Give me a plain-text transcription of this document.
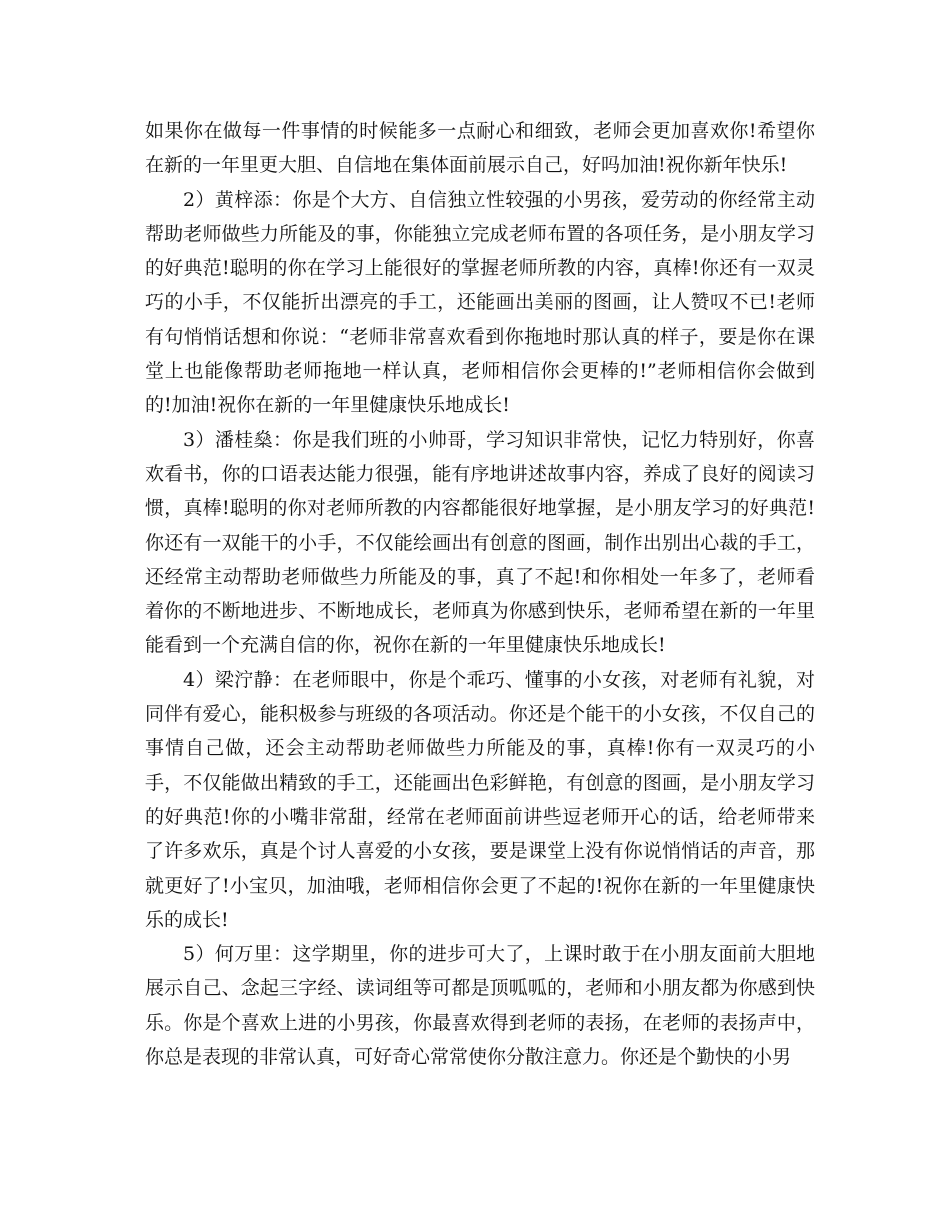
如果你在做每一件事情的时候能多一点耐心和细致，老师会更加喜欢你!希望你在新的一年里更大胆、自信地在集体面前展示自己，好吗加油!祝你新年快乐!

2）黄梓添：你是个大方、自信独立性较强的小男孩，爱劳动的你经常主动帮助老师做些力所能及的事，你能独立完成老师布置的各项任务，是小朋友学习的好典范!聪明的你在学习上能很好的掌握老师所教的内容，真棒!你还有一双灵巧的小手，不仅能折出漂亮的手工，还能画出美丽的图画，让人赞叹不已!老师有句悄悄话想和你说：“老师非常喜欢看到你拖地时那认真的样子，要是你在课堂上也能像帮助老师拖地一样认真，老师相信你会更棒的!”老师相信你会做到的!加油!祝你在新的一年里健康快乐地成长!

3）潘桂燊：你是我们班的小帅哥，学习知识非常快，记忆力特别好，你喜欢看书，你的口语表达能力很强，能有序地讲述故事内容，养成了良好的阅读习惯，真棒!聪明的你对老师所教的内容都能很好地掌握，是小朋友学习的好典范!你还有一双能干的小手，不仅能绘画出有创意的图画，制作出别出心裁的手工，还经常主动帮助老师做些力所能及的事，真了不起!和你相处一年多了，老师看着你的不断地进步、不断地成长，老师真为你感到快乐，老师希望在新的一年里能看到一个充满自信的你，祝你在新的一年里健康快乐地成长!

4）梁泞静：在老师眼中，你是个乖巧、懂事的小女孩，对老师有礼貌，对同伴有爱心，能积极参与班级的各项活动。你还是个能干的小女孩，不仅自己的事情自己做，还会主动帮助老师做些力所能及的事，真棒!你有一双灵巧的小手，不仅能做出精致的手工，还能画出色彩鲜艳，有创意的图画，是小朋友学习的好典范!你的小嘴非常甜，经常在老师面前讲些逗老师开心的话，给老师带来了许多欢乐，真是个讨人喜爱的小女孩，要是课堂上没有你说悄悄话的声音，那就更好了!小宝贝，加油哦，老师相信你会更了不起的!祝你在新的一年里健康快乐的成长!

5）何万里：这学期里，你的进步可大了，上课时敢于在小朋友面前大胆地展示自己、念起三字经、读词组等可都是顶呱呱的，老师和小朋友都为你感到快乐。你是个喜欢上进的小男孩，你最喜欢得到老师的表扬，在老师的表扬声中，你总是表现的非常认真，可好奇心常常使你分散注意力。你还是个勤快的小男
